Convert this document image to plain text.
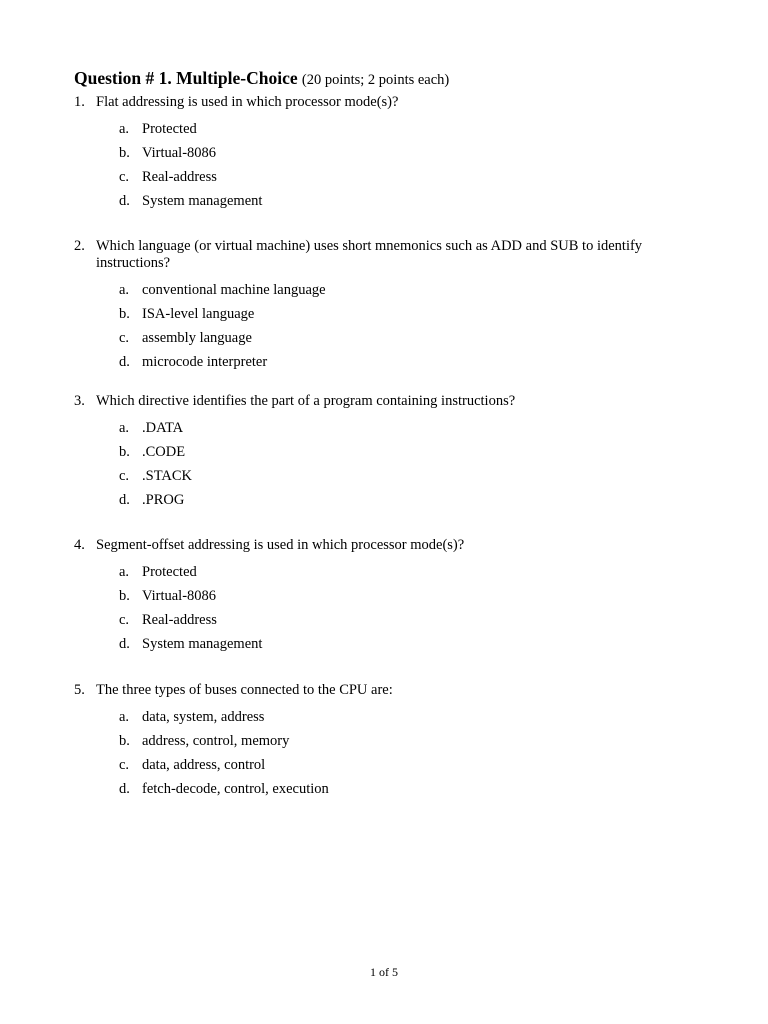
Question # 1. Multiple-Choice (20 points; 2 points each)
1. Flat addressing is used in which processor mode(s)?
a. Protected
b. Virtual-8086
c. Real-address
d. System management
2. Which language (or virtual machine) uses short mnemonics such as ADD and SUB to identify instructions?
a. conventional machine language
b. ISA-level language
c. assembly language
d. microcode interpreter
3. Which directive identifies the part of a program containing instructions?
a. .DATA
b. .CODE
c. .STACK
d. .PROG
4. Segment-offset addressing is used in which processor mode(s)?
a. Protected
b. Virtual-8086
c. Real-address
d. System management
5. The three types of buses connected to the CPU are:
a. data, system, address
b. address, control, memory
c. data, address, control
d. fetch-decode, control, execution
1 of 5
